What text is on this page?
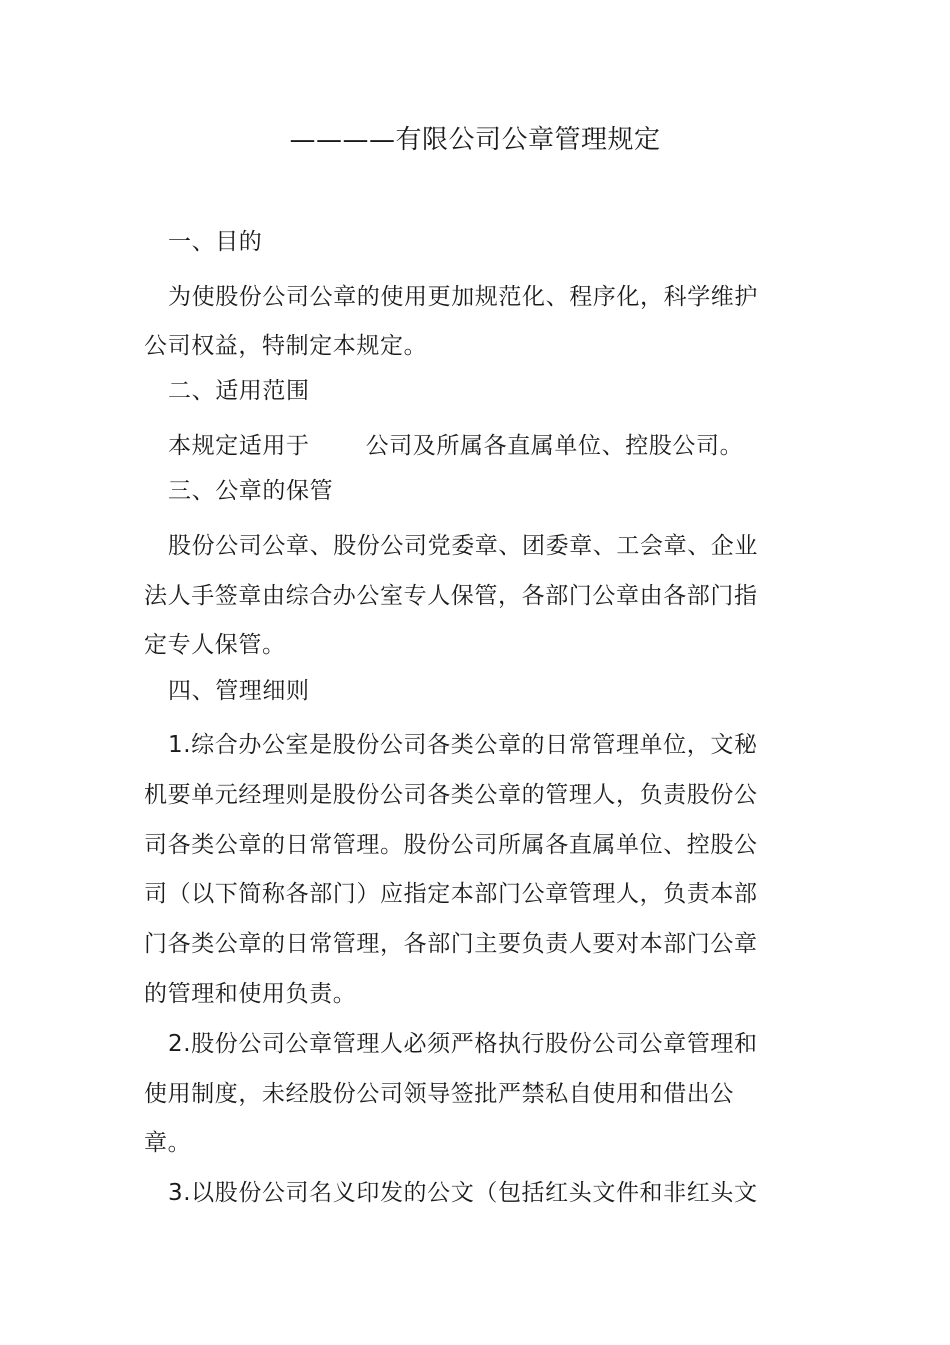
————有限公司公章管理规定
一、目的
为使股份公司公章的使用更加规范化、程序化，科学维护
公司权益，特制定本规定。
二、适用范围
本规定适用于 公司及所属各直属单位、控股公司。
三、公章的保管
股份公司公章、股份公司党委章、团委章、工会章、企业
法人手签章由综合办公室专人保管，各部门公章由各部门指
定专人保管。
四、管理细则
1.综合办公室是股份公司各类公章的日常管理单位，文秘
机要单元经理则是股份公司各类公章的管理人，负责股份公
司各类公章的日常管理。股份公司所属各直属单位、控股公
司（以下简称各部门）应指定本部门公章管理人，负责本部
门各类公章的日常管理，各部门主要负责人要对本部门公章
的管理和使用负责。
2.股份公司公章管理人必须严格执行股份公司公章管理和
使用制度，未经股份公司领导签批严禁私自使用和借出公
章。
3.以股份公司名义印发的公文（包括红头文件和非红头文
